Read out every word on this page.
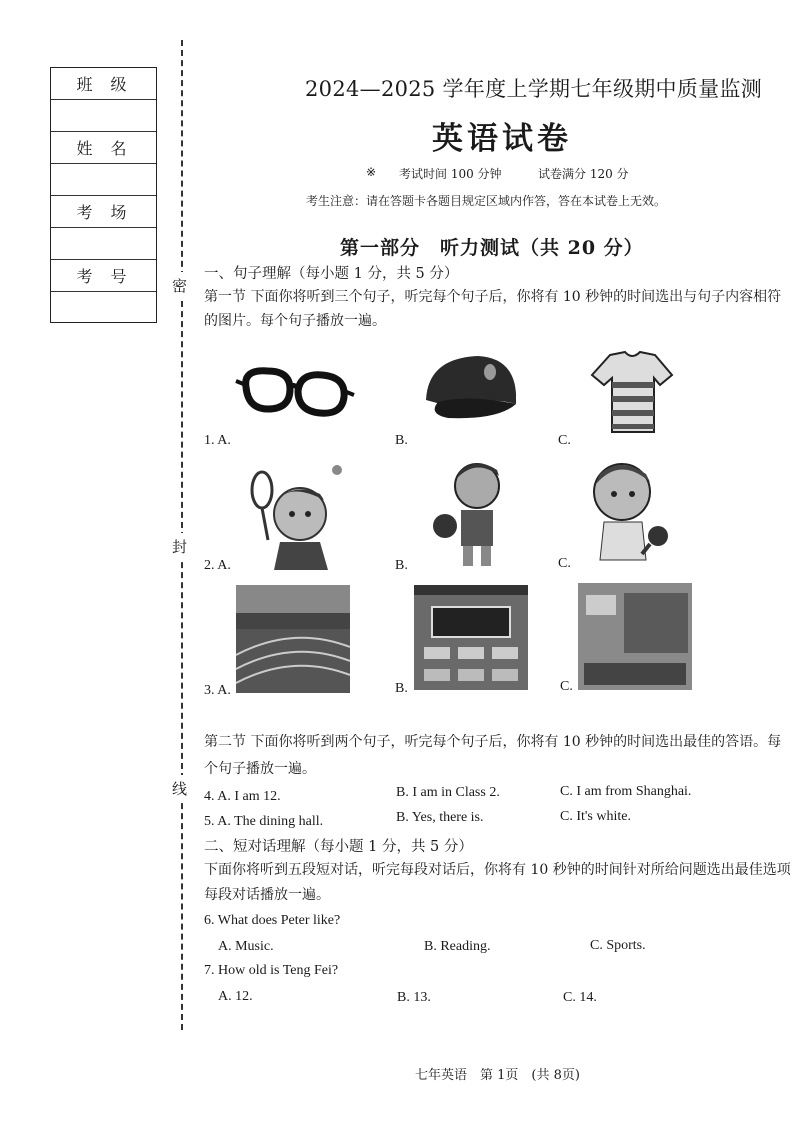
班级
姓名
考场
考号	密
封
线
2024—2025 学年度上学期七年级期中质量监测
英语试卷
※ 考试时间 100 分钟	试卷满分 120 分
考生注意：请在答题卡各题目规定区域内作答，答在本试卷上无效。
第一部分　听力测试（共 20 分）
一、句子理解（每小题 1 分，共 5 分）
第一节 下面你将听到三个句子，听完每个句子后，你将有 10 秒钟的时间选出与句子内容相符
的图片。每个句子播放一遍。
1. A.	B.	C.
2. A.	B.	C.
3. A.	B.	C.
第二节 下面你将听到两个句子，听完每个句子后，你将有 10 秒钟的时间选出最佳的答语。每
个句子播放一遍。
4. A. I am 12.	B. I am in Class 2.	C. I am from Shanghai.
5. A. The dining hall.	B. Yes, there is.	C. It's white.
二、短对话理解（每小题 1 分，共 5 分）
下面你将听到五段短对话，听完每段对话后，你将有 10 秒钟的时间针对所给问题选出最佳选项
每段对话播放一遍。
6. What does Peter like?
A. Music.	B. Reading.	C. Sports.
7. How old is Teng Fei?
A. 12.	B. 13.	C. 14.
七年英语　第 1页　(共 8页)
